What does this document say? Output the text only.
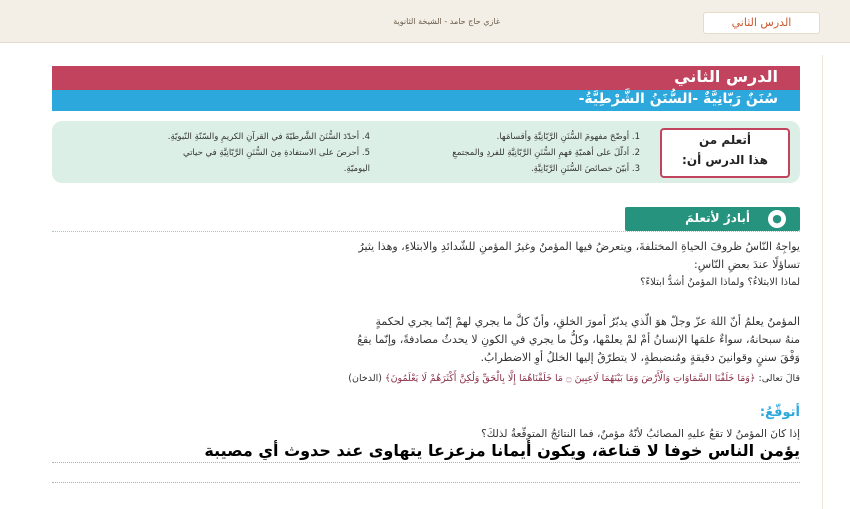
غازي حاج حامد - الشيخة الثانوية	الدرس الثاني
الدرس الثاني
سُنَنٌ رَبّانِيَّةٌ -السُّنَنُ الشَّرْطِيَّةُ-
أتعلم من
هذا الدرس أن:
1. أوضّحَ مفهومَ السُّنَنِ الرَّبّانِيَّةِ وأقسامَها.
2. أدلّلَ على أهميّةِ فهمِ السُّنَنِ الرَّبّانِيَّةِ للفردِ والمجتمعِ
3. أبيّنَ خصائصَ السُّنَنِ الرَّبّانِيَّةِ.
4. أحدّدَ السُّنَنَ الشَّرطيّةَ في القرآنِ الكريمِ والسّنّةِ النّبويّةِ.
5. أحرصَ على الاستفادةِ مِنَ السُّنَنِ الرَّبّانِيَّةِ في حياتي
اليوميّةِ.
●
أبادرُ لأتعلمَ

يواجِهُ النّاسُ ظروفَ الحياةِ المختلفةَ، ويتعرضُ فيها المؤمنُ وغيرُ المؤمنِ للشّدائدِ والابتلاءِ، وهذا يثيرُ

تساؤلًا عندَ بعضِ النّاسِ:

لماذا الابتلاءُ؟ ولماذا المؤمنُ أشدُّ ابتلاءً؟

المؤمنُ يعلمُ أنّ اللهَ عزّ وجلّ هوَ الّذي يدبّرُ أمورَ الخلقِ، وأنّ كلَّ ما يجري لهمْ إنّما يجري لحكمةٍ

منهُ سبحانهُ، سواءٌ علمَها الإنسانُ أمْ لمْ يعلمْها، وكلُّ ما يجري في الكونِ لا يحدثُ مصادفةً، وإنّما يقعُ

وَفْقَ سننٍ وقوانينَ دقيقةٍ ومُنضبطةٍ، لا يتطرّقُ إليها الخللُ أوِ الاضطرابُ.

قالَ تعالى: ﴿وَمَا خَلَقْنَا السَّمَاوَاتِ وَالْأَرْضَ وَمَا بَيْنَهُمَا لَاعِبِينَ ۝ مَا خَلَقْنَاهُمَا إِلَّا بِالْحَقِّ وَلَٰكِنَّ أَكْثَرَهُمْ لَا يَعْلَمُونَ﴾ (الدخان)

أتوقّعُ:

إذا كانَ المؤمنُ لا تقعُ عليهِ المصائبُ لأنّهُ مؤمنٌ، فما النتائجُ المتوقّعةُ لذلكَ؟

يؤمن الناس خوفا لا قناعة، ويكون أيمانا مزعزعا يتهاوى عند حدوث أي مصيبة
